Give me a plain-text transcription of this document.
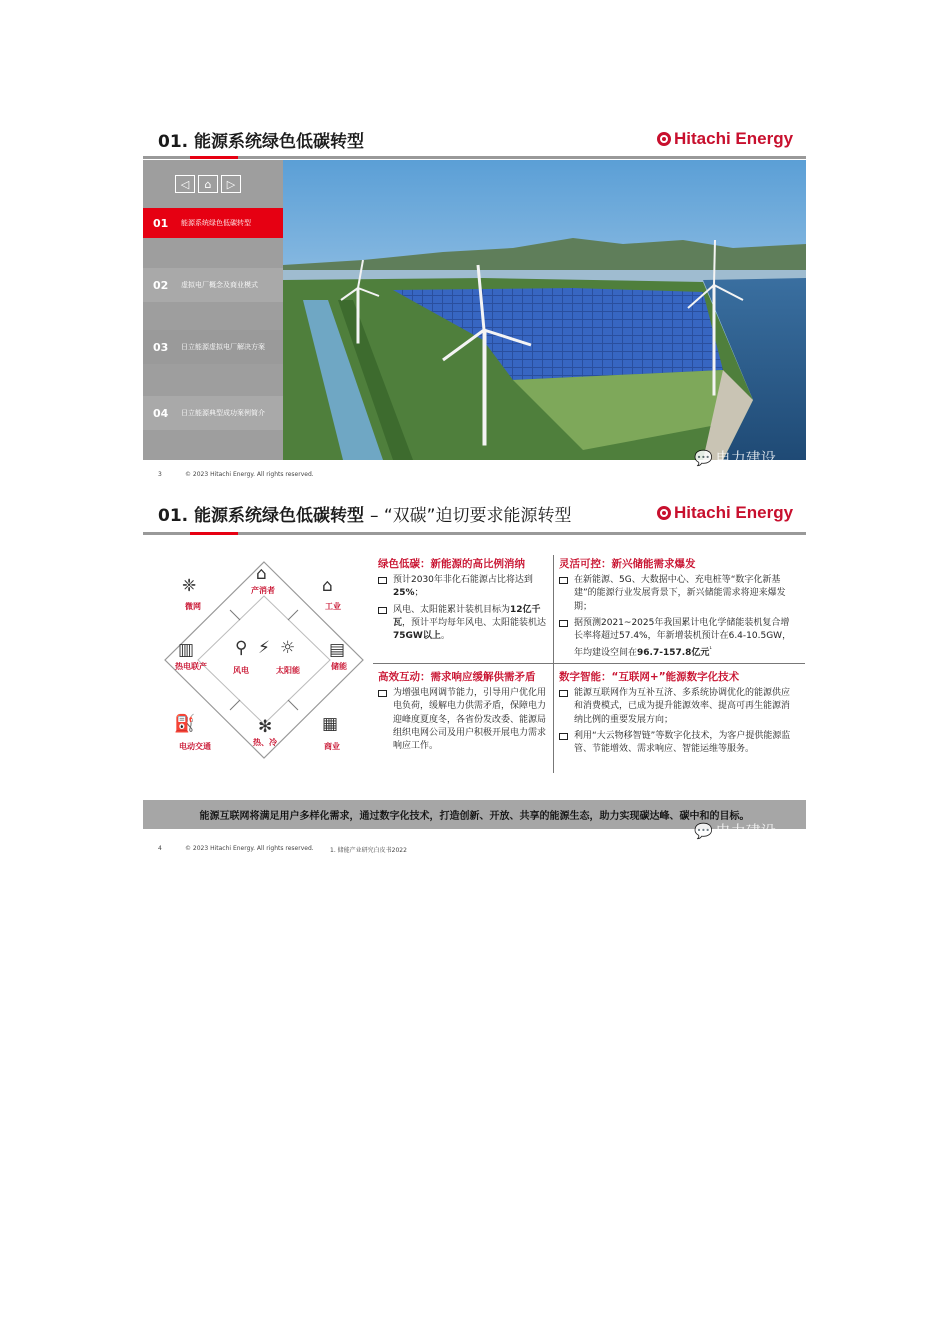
01. 能源系统绿色低碳转型	Hitachi Energy
◁	⌂	▷
01	能源系统绿色低碳转型
02	虚拟电厂概念及商业模式
03	日立能源虚拟电厂解决方案
04	日立能源典型成功案例简介
💬 电力建设
3	© 2023 Hitachi Energy. All rights reserved.
01. 能源系统绿色低碳转型 – “双碳”迫切要求能源转型	Hitachi Energy
❈
微网
⌂
产消者	⌂
工业
▥
热电联产
⚲ ⚡ ☼
风电	太阳能
▤
储能
⛽
电动交通
✻
热、冷
▦
商业
绿色低碳：新能源的高比例消纳
预计2030年非化石能源占比将达到25%；
风电、太阳能累计装机目标为12亿千瓦，预计平均每年风电、太阳能装机达75GW以上。
灵活可控：新兴储能需求爆发
在新能源、5G、大数据中心、充电桩等“数字化新基建”的能源行业发展背景下，新兴储能需求将迎来爆发期；
据预测2021~2025年我国累计电化学储能装机复合增长率将超过57.4%，年新增装机预计在6.4-10.5GW，年均建设空间在96.7-157.8亿元$^{^1}$
高效互动：需求响应缓解供需矛盾
为增强电网调节能力，引导用户优化用电负荷，缓解电力供需矛盾，保障电力迎峰度夏度冬，各省份发改委、能源局组织电网公司及用户积极开展电力需求响应工作。
数字智能：“互联网+”能源数字化技术
能源互联网作为互补互济、多系统协调优化的能源供应和消费模式，已成为提升能源效率、提高可再生能源消纳比例的重要发展方向；
利用“大云物移智链”等数字化技术，为客户提供能源监管、节能增效、需求响应、智能运维等服务。
能源互联网将满足用户多样化需求，通过数字化技术，打造创新、开放、共享的能源生态，助力实现碳达峰、碳中和的目标。
💬 电力建设
4	© 2023 Hitachi Energy. All rights reserved.	1. 储能产业研究白皮书2022
